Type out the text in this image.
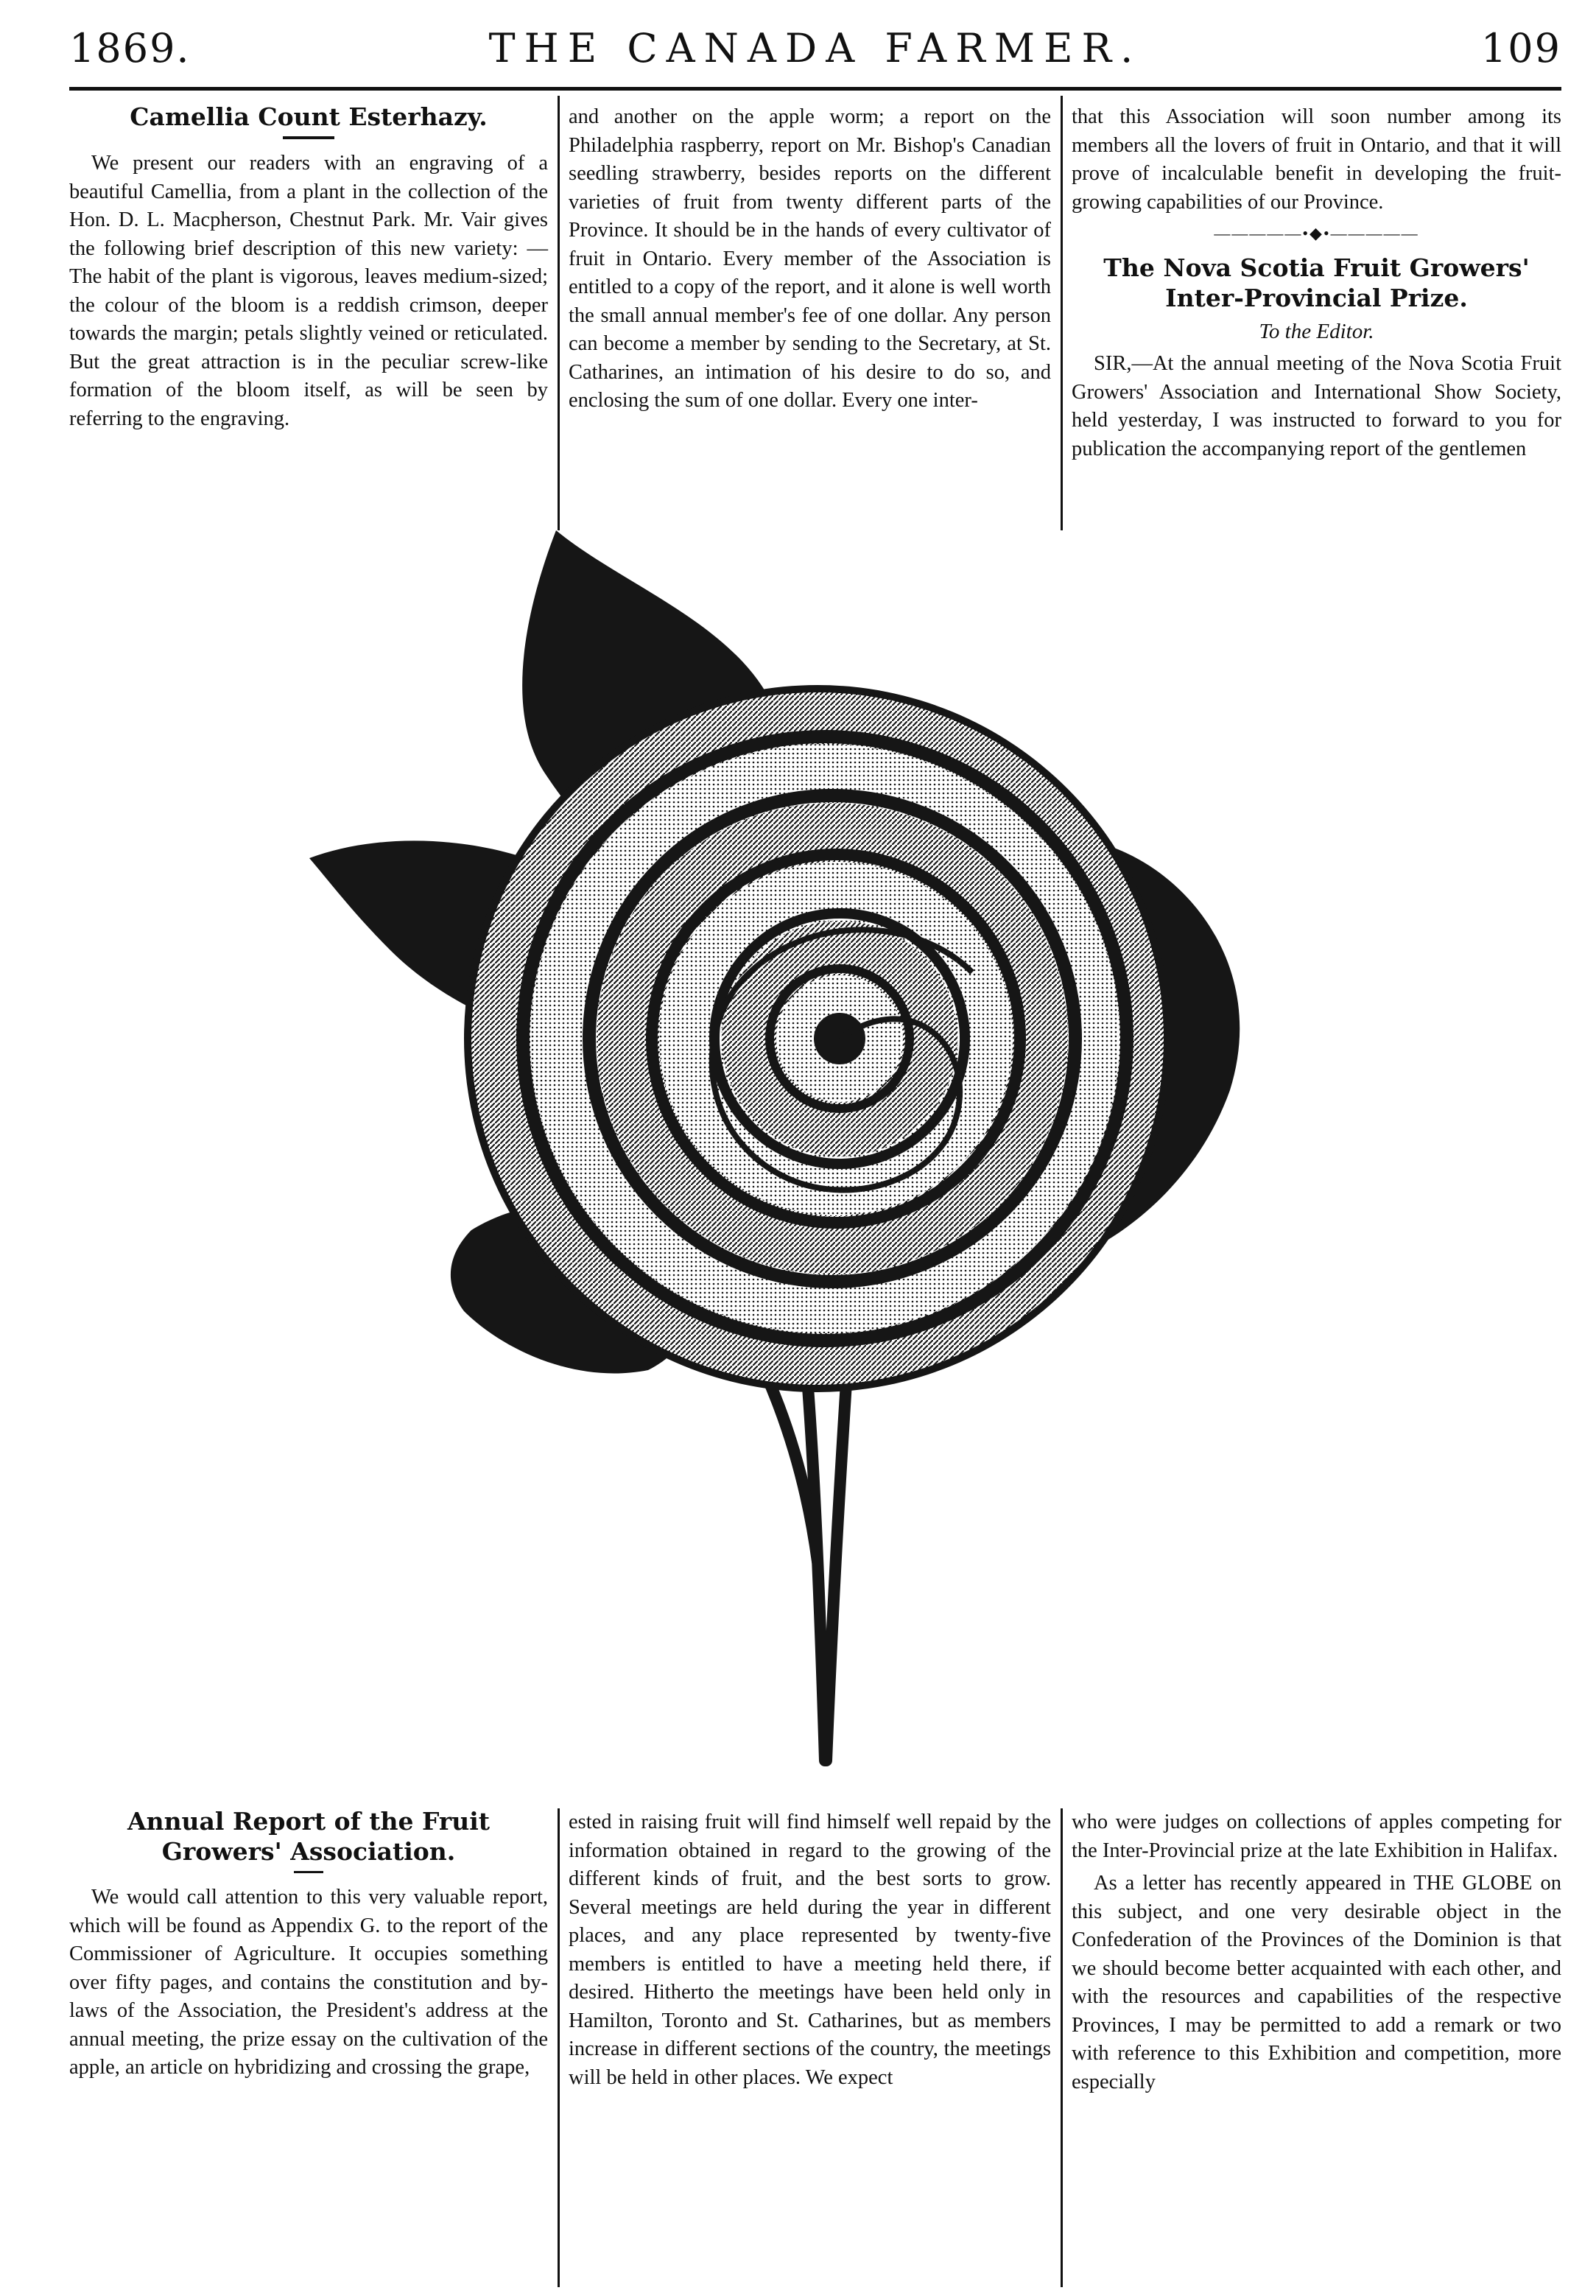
1869.	THE CANADA FARMER.	109
Camellia Count Esterhazy.

We present our readers with an engraving of a beautiful Camellia, from a plant in the collection of the Hon. D. L. Macpherson, Chestnut Park. Mr. Vair gives the following brief description of this new variety: —The habit of the plant is vigorous, leaves medium-sized; the colour of the bloom is a reddish crimson, deeper towards the margin; petals slightly veined or reticulated. But the great attraction is in the peculiar screw-like formation of the bloom itself, as will be seen by referring to the engraving.

and another on the apple worm; a report on the Philadelphia raspberry, report on Mr. Bishop's Canadian seedling strawberry, besides reports on the different varieties of fruit from twenty different parts of the Province. It should be in the hands of every cultivator of fruit in Ontario. Every member of the Association is entitled to a copy of the report, and it alone is well worth the small annual member's fee of one dollar. Any person can become a member by sending to the Secretary, at St. Catharines, an intimation of his desire to do so, and enclosing the sum of one dollar. Every one inter-

that this Association will soon number among its members all the lovers of fruit in Ontario, and that it will prove of incalculable benefit in developing the fruit-growing capabilities of our Province.

—————•◆•—————
The Nova Scotia Fruit Growers' Inter-Provincial Prize.
To the Editor.

SIR,—At the annual meeting of the Nova Scotia Fruit Growers' Association and International Show Society, held yesterday, I was instructed to forward to you for publication the accompanying report of the gentlemen

Annual Report of the Fruit Growers' Association.

We would call attention to this very valuable report, which will be found as Appendix G. to the report of the Commissioner of Agriculture. It occupies something over fifty pages, and contains the constitution and by-laws of the Association, the President's address at the annual meeting, the prize essay on the cultivation of the apple, an article on hybridizing and crossing the grape,

ested in raising fruit will find himself well repaid by the information obtained in regard to the growing of the different kinds of fruit, and the best sorts to grow. Several meetings are held during the year in different places, and any place represented by twenty-five members is entitled to have a meeting held there, if desired. Hitherto the meetings have been held only in Hamilton, Toronto and St. Catharines, but as members increase in different sections of the country, the meetings will be held in other places. We expect

who were judges on collections of apples competing for the Inter-Provincial prize at the late Exhibition in Halifax.

As a letter has recently appeared in THE GLOBE on this subject, and one very desirable object in the Confederation of the Provinces of the Dominion is that we should become better acquainted with each other, and with the resources and capabilities of the respective Provinces, I may be permitted to add a remark or two with reference to this Exhibition and competition, more especially
